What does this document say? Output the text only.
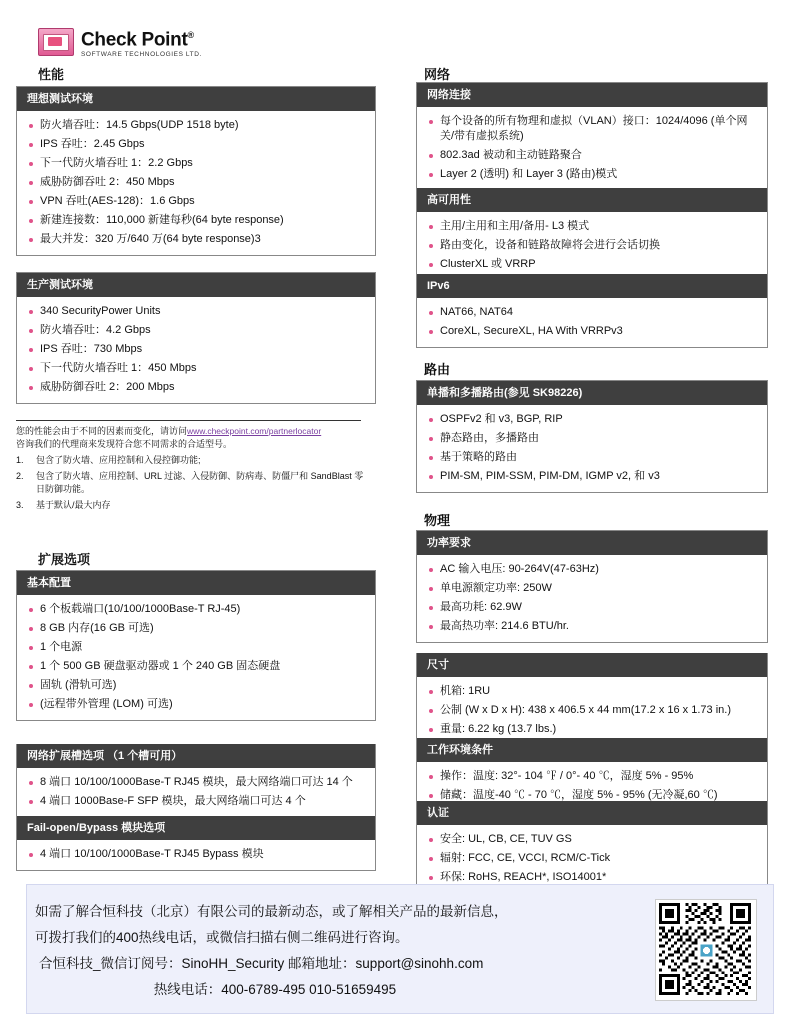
Check Point®
SOFTWARE TECHNOLOGIES LTD.
性能
理想测试环境
防火墙吞吐：14.5 Gbps(UDP 1518 byte)
IPS 吞吐：2.45 Gbps
下一代防火墙吞吐 1：2.2 Gbps
威胁防御吞吐 2：450 Mbps
VPN 吞吐(AES-128)：1.6 Gbps
新建连接数：110,000 新建每秒(64 byte response)
最大并发：320 万/640 万(64 byte response)3
生产测试环境
340 SecurityPower Units
防火墙吞吐：4.2 Gbps
IPS 吞吐：730 Mbps
下一代防火墙吞吐 1：450 Mbps
威胁防御吞吐 2：200 Mbps
您的性能会由于不同的因素而变化，请访问www.checkpoint.com/partnerlocator
咨询我们的代理商来发现符合您不同需求的合适型号。
1. 包含了防火墙、应用控制和入侵控御功能;
2. 包含了防火墙、应用控制、URL 过滤、入侵防御、防病毒、防僵尸和 SandBlast 零日防御功能。
3. 基于默认/最大内存
扩展选项
基本配置
6 个板载端口(10/100/1000Base-T RJ-45)
8 GB 内存(16 GB 可选)
1 个电源
1 个 500 GB 硬盘驱动器或 1 个 240 GB 固态硬盘
固轨 (滑轨可选)
(远程带外管理 (LOM) 可选)
网络扩展槽选项 （1 个槽可用）
8 端口 10/100/1000Base-T RJ45 模块，最大网络端口可达 14 个
4 端口 1000Base-F SFP 模块，最大网络端口可达 4 个
Fail-open/Bypass 模块选项
4 端口 10/100/1000Base-T RJ45 Bypass 模块
网络
网络连接
每个设备的所有物理和虚拟（VLAN）接口：1024/4096 (单个网关/带有虚拟系统)
802.3ad 被动和主动链路聚合
Layer 2 (透明) 和 Layer 3 (路由)模式
高可用性
主用/主用和主用/备用- L3 模式
路由变化，设备和链路故障将会进行会话切换
ClusterXL 或 VRRP
IPv6
NAT66, NAT64
CoreXL, SecureXL, HA With VRRPv3
路由
单播和多播路由(参见 SK98226)
OSPFv2 和 v3, BGP, RIP
静态路由，多播路由
基于策略的路由
PIM-SM, PIM-SSM, PIM-DM, IGMP v2, 和 v3
物理
功率要求
AC 输入电压: 90-264V(47-63Hz)
单电源额定功率: 250W
最高功耗: 62.9W
最高热功率: 214.6 BTU/hr.
尺寸
机箱: 1RU
公制 (W x D x H): 438 x 406.5 x 44 mm(17.2 x 16 x 1.73 in.)
重量: 6.22 kg (13.7 lbs.)
工作环境条件
操作：温度: 32°- 104 ℉ / 0°- 40 ℃，湿度 5% - 95%
储藏：温度-40 ℃ - 70 ℃，湿度 5% - 95% (无冷凝,60 ℃)
认证
安全: UL, CB, CE, TUV GS
辐射: FCC, CE, VCCI, RCM/C-Tick
环保: RoHS, REACH*, ISO14001*
如需了解合恒科技（北京）有限公司的最新动态，或了解相关产品的最新信息，
可拨打我们的400热线电话，或微信扫描右侧二维码进行咨询。
合恒科技_微信订阅号：SinoHH_Security 邮箱地址：support@sinohh.com
热线电话：400-6789-495 010-51659495
